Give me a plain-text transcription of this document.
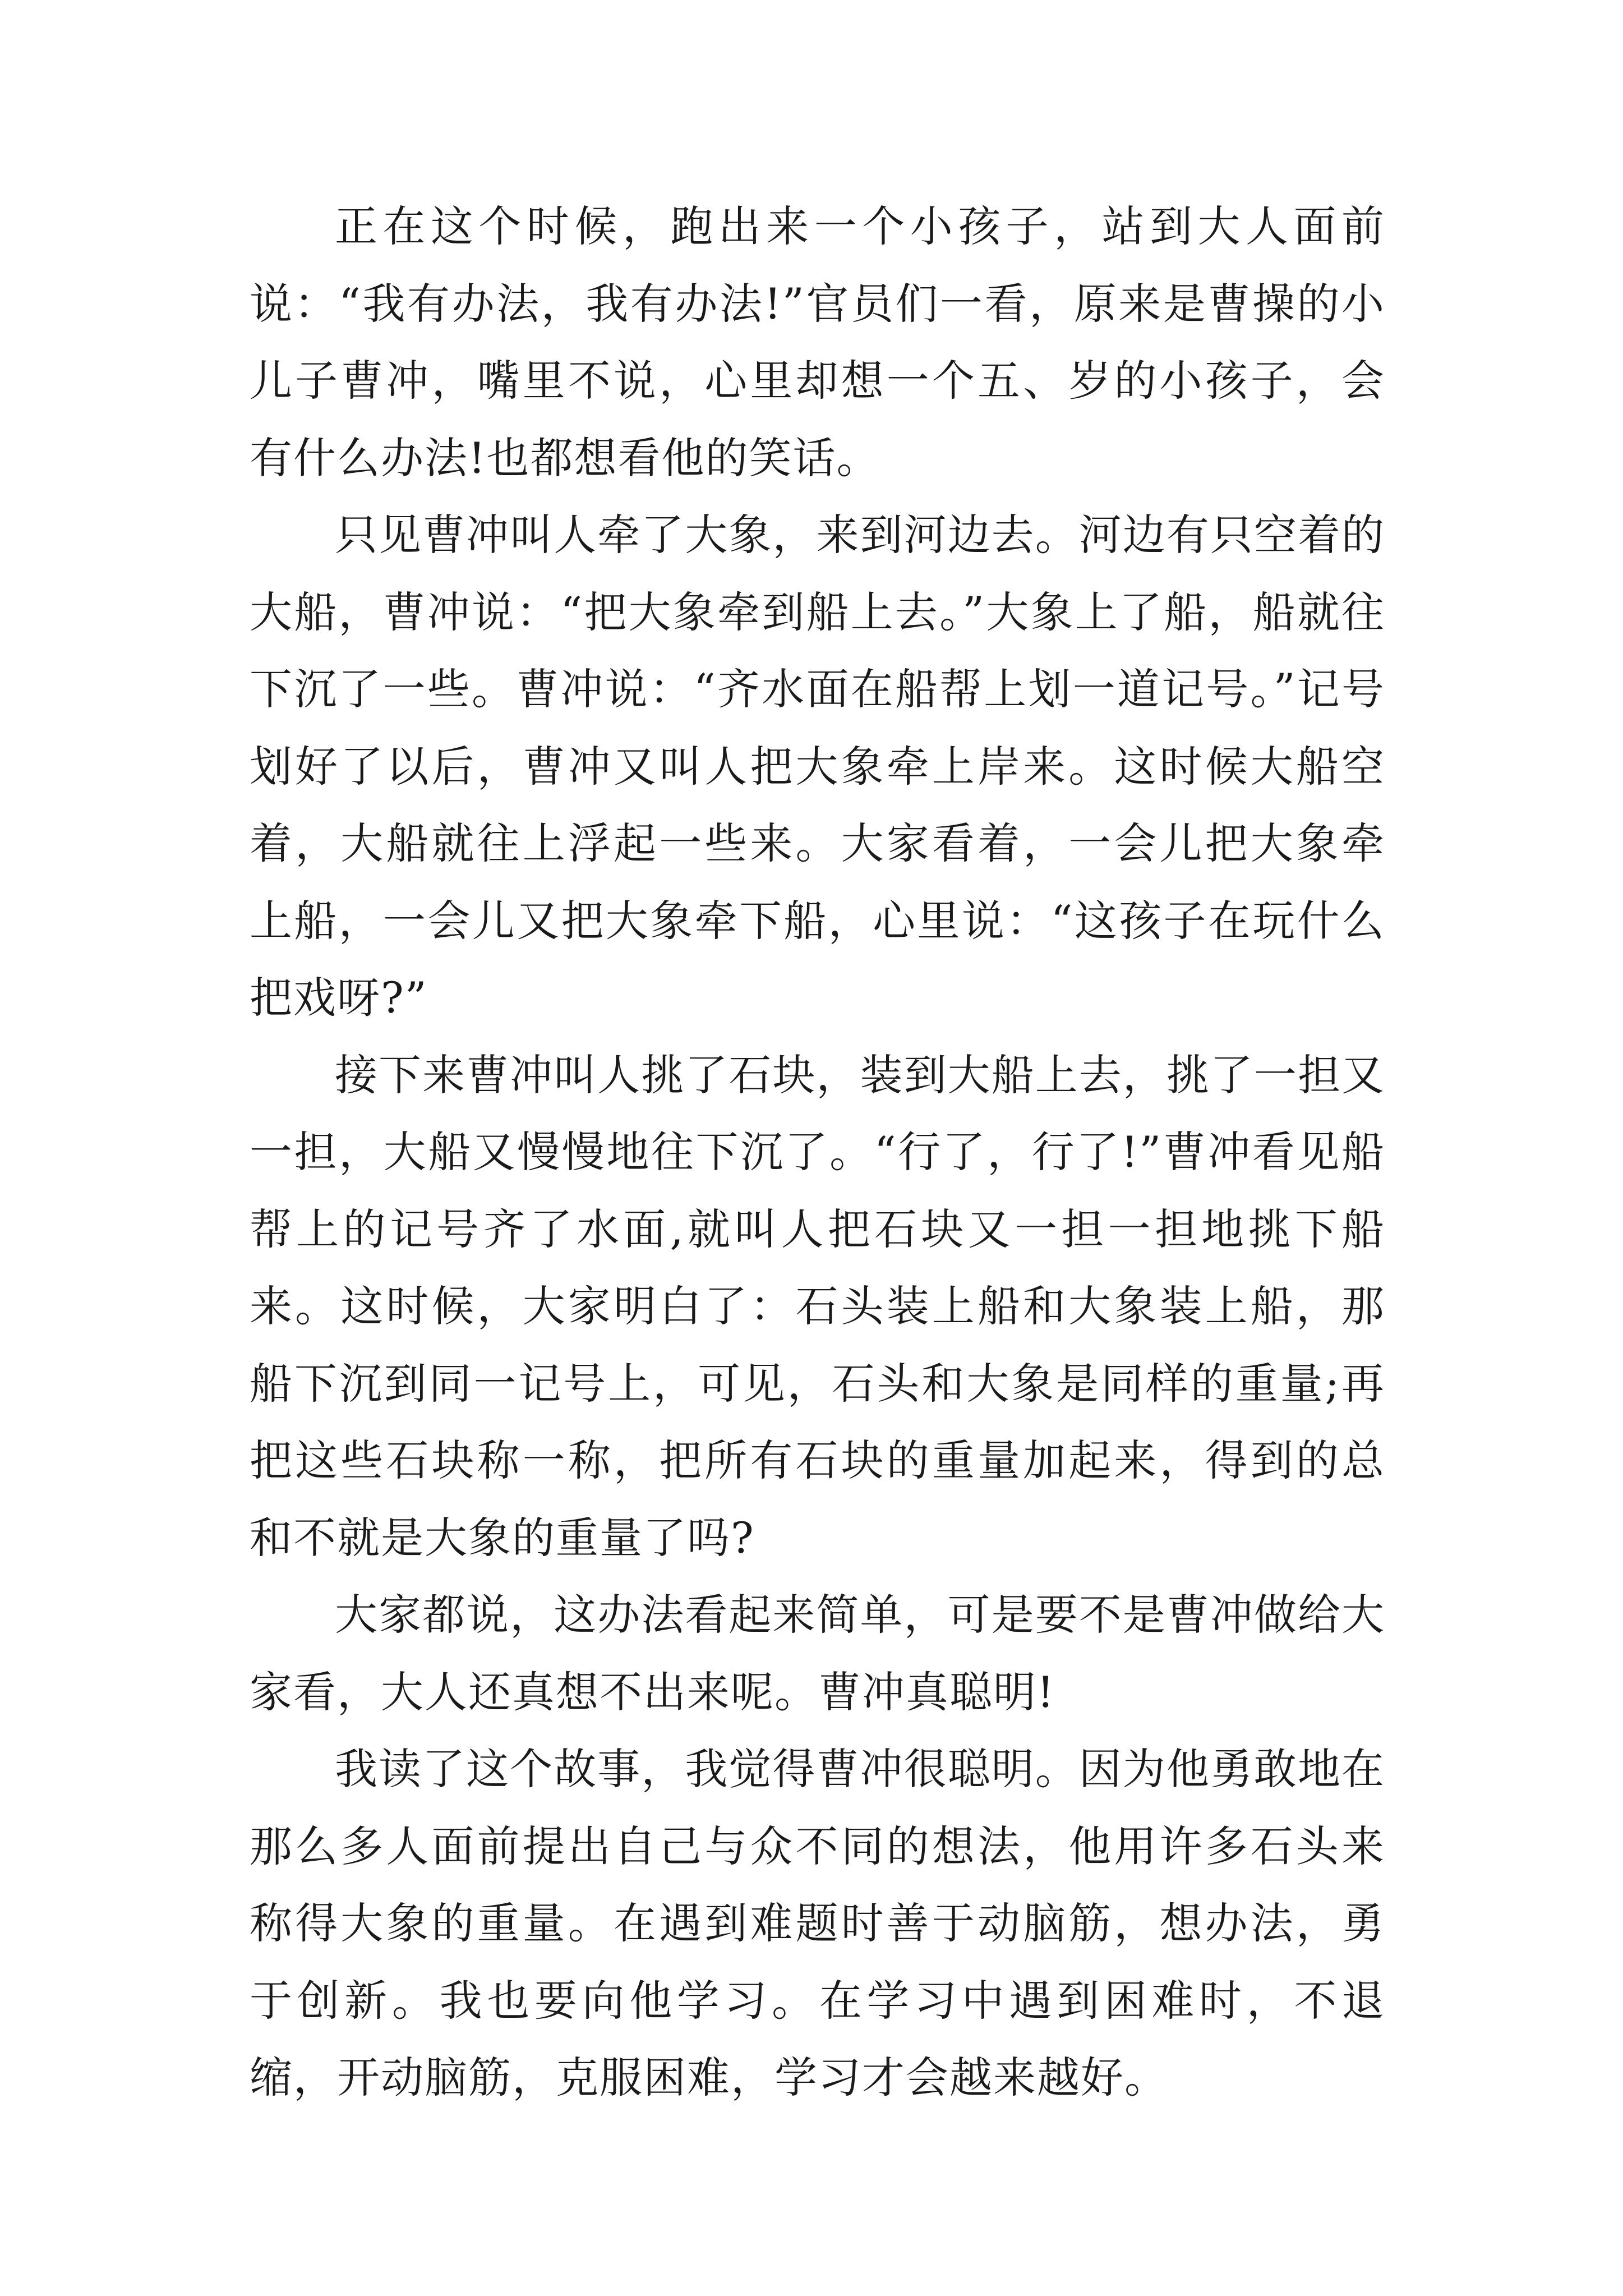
正在这个时候，跑出来一个小孩子，站到大人面前说：“我有办法，我有办法!”官员们一看，原来是曹操的小儿子曹冲，嘴里不说，心里却想一个五、岁的小孩子，会有什么办法!也都想看他的笑话。

只见曹冲叫人牵了大象，来到河边去。河边有只空着的大船，曹冲说：“把大象牵到船上去。”大象上了船，船就往下沉了一些。曹冲说：“齐水面在船帮上划一道记号。”记号划好了以后，曹冲又叫人把大象牵上岸来。这时候大船空着，大船就往上浮起一些来。大家看着，一会儿把大象牵上船，一会儿又把大象牵下船，心里说：“这孩子在玩什么把戏呀?”

接下来曹冲叫人挑了石块，装到大船上去，挑了一担又一担，大船又慢慢地往下沉了。“行了，行了!”曹冲看见船帮上的记号齐了水面,就叫人把石块又一担一担地挑下船来。这时候，大家明白了：石头装上船和大象装上船，那船下沉到同一记号上，可见，石头和大象是同样的重量;再把这些石块称一称，把所有石块的重量加起来，得到的总和不就是大象的重量了吗?

大家都说，这办法看起来简单，可是要不是曹冲做给大家看，大人还真想不出来呢。曹冲真聪明!

我读了这个故事，我觉得曹冲很聪明。因为他勇敢地在那么多人面前提出自己与众不同的想法，他用许多石头来称得大象的重量。在遇到难题时善于动脑筋，想办法，勇于创新。我也要向他学习。在学习中遇到困难时，不退缩，开动脑筋，克服困难，学习才会越来越好。
